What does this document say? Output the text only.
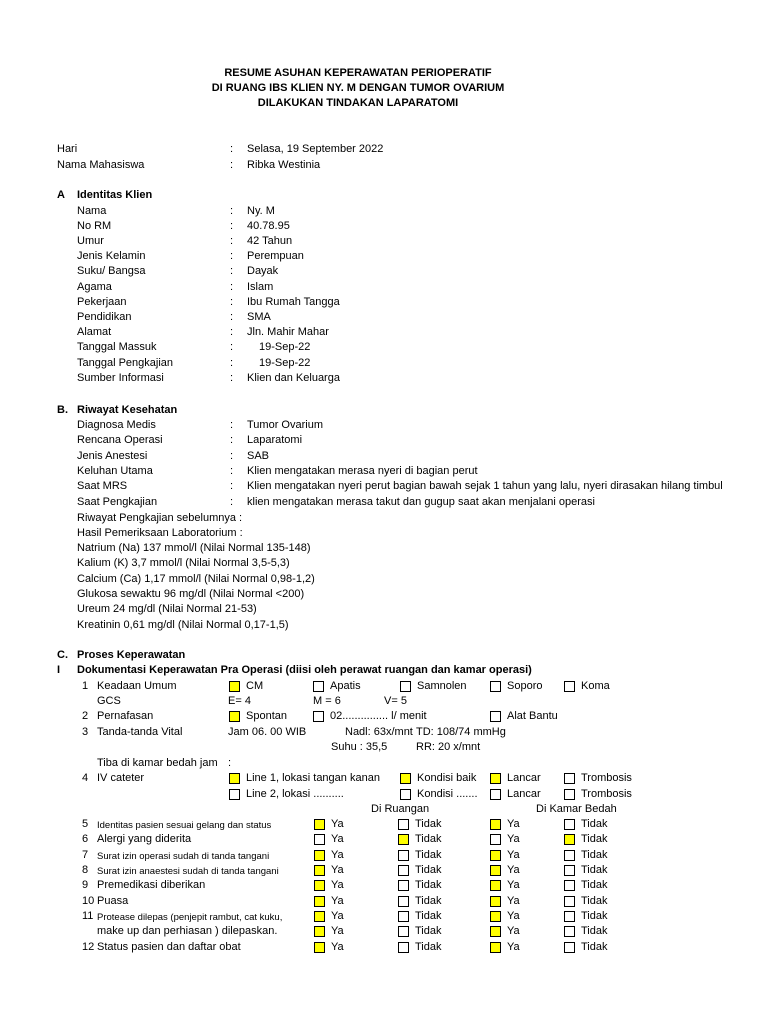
RESUME ASUHAN KEPERAWATAN PERIOPERATIF
DI RUANG IBS KLIEN NY. M DENGAN TUMOR OVARIUM
DILAKUKAN TINDAKAN LAPARATOMI
Hari	: Selasa, 19 September 2022
Nama Mahasiswa	: Ribka Westinia
A Identitas Klien
Nama	: Ny. M
No RM	: 40.78.95
Umur	: 42 Tahun
Jenis Kelamin	: Perempuan
Suku/ Bangsa	: Dayak
Agama	: Islam
Pekerjaan	: Ibu Rumah Tangga
Pendidikan	: SMA
Alamat	: Jln. Mahir Mahar
Tanggal Massuk	: 19-Sep-22
Tanggal Pengkajian	: 19-Sep-22
Sumber Informasi	: Klien dan Keluarga
B. Riwayat Kesehatan
Diagnosa Medis	: Tumor Ovarium
Rencana Operasi	: Laparatomi
Jenis Anestesi	: SAB
Keluhan Utama	: Klien mengatakan merasa nyeri di bagian perut
Saat MRS	: Klien mengatakan nyeri perut bagian bawah sejak 1 tahun yang lalu, nyeri dirasakan hilang timbul
Saat Pengkajian	: klien mengatakan merasa takut dan gugup saat akan menjalani operasi
Riwayat Pengkajian sebelumnya :
Hasil Pemeriksaan Laboratorium :
Natrium (Na) 137 mmol/l (Nilai Normal 135-148)
Kalium (K) 3,7 mmol/l (Nilai Normal 3,5-5,3)
Calcium (Ca) 1,17 mmol/l (Nilai Normal 0,98-1,2)
Glukosa sewaktu 96 mg/dl (Nilai Normal <200)
Ureum 24 mg/dl (Nilai Normal 21-53)
Kreatinin 0,61 mg/dl (Nilai Normal 0,17-1,5)
C. Proses Keperawatan
I Dokumentasi Keperawatan Pra Operasi (diisi oleh perawat ruangan dan kamar operasi)
1 Keadaan Umum	CM	Apatis	Samnolen	Soporo	Koma
GCS	E= 4	M = 6	V= 5
2 Pernafasan	Spontan	02............... l/ menit	Alat Bantu
3 Tanda-tanda Vital	Jam 06. 00 WIB	Nadl: 63x/mnt TD: 108/74 mmHg
Suhu : 35,5	RR: 20 x/mnt
Tiba di kamar bedah jam :
4 IV cateter	Line 1, lokasi tangan kanan	Kondisi baik	Lancar	Trombosis
Line 2, lokasi ..........	Kondisi .......	Lancar	Trombosis
Di Ruangan	Di Kamar Bedah
5 Identitas pasien sesuai gelang dan status	Ya	Tidak	Ya	Tidak
6 Alergi yang diderita	Ya	Tidak	Ya	Tidak
7 Surat izin operasi sudah di tanda tangani	Ya	Tidak	Ya	Tidak
8 Surat izin anaestesi sudah di tanda tangani	Ya	Tidak	Ya	Tidak
9 Premedikasi diberikan	Ya	Tidak	Ya	Tidak
10 Puasa	Ya	Tidak	Ya	Tidak
11 Protease dilepas (penjepit rambut, cat kuku,	Ya	Tidak	Ya	Tidak
make up dan perhiasan ) dilepaskan.	Ya	Tidak	Ya	Tidak
12 Status pasien dan daftar obat	Ya	Tidak	Ya	Tidak
